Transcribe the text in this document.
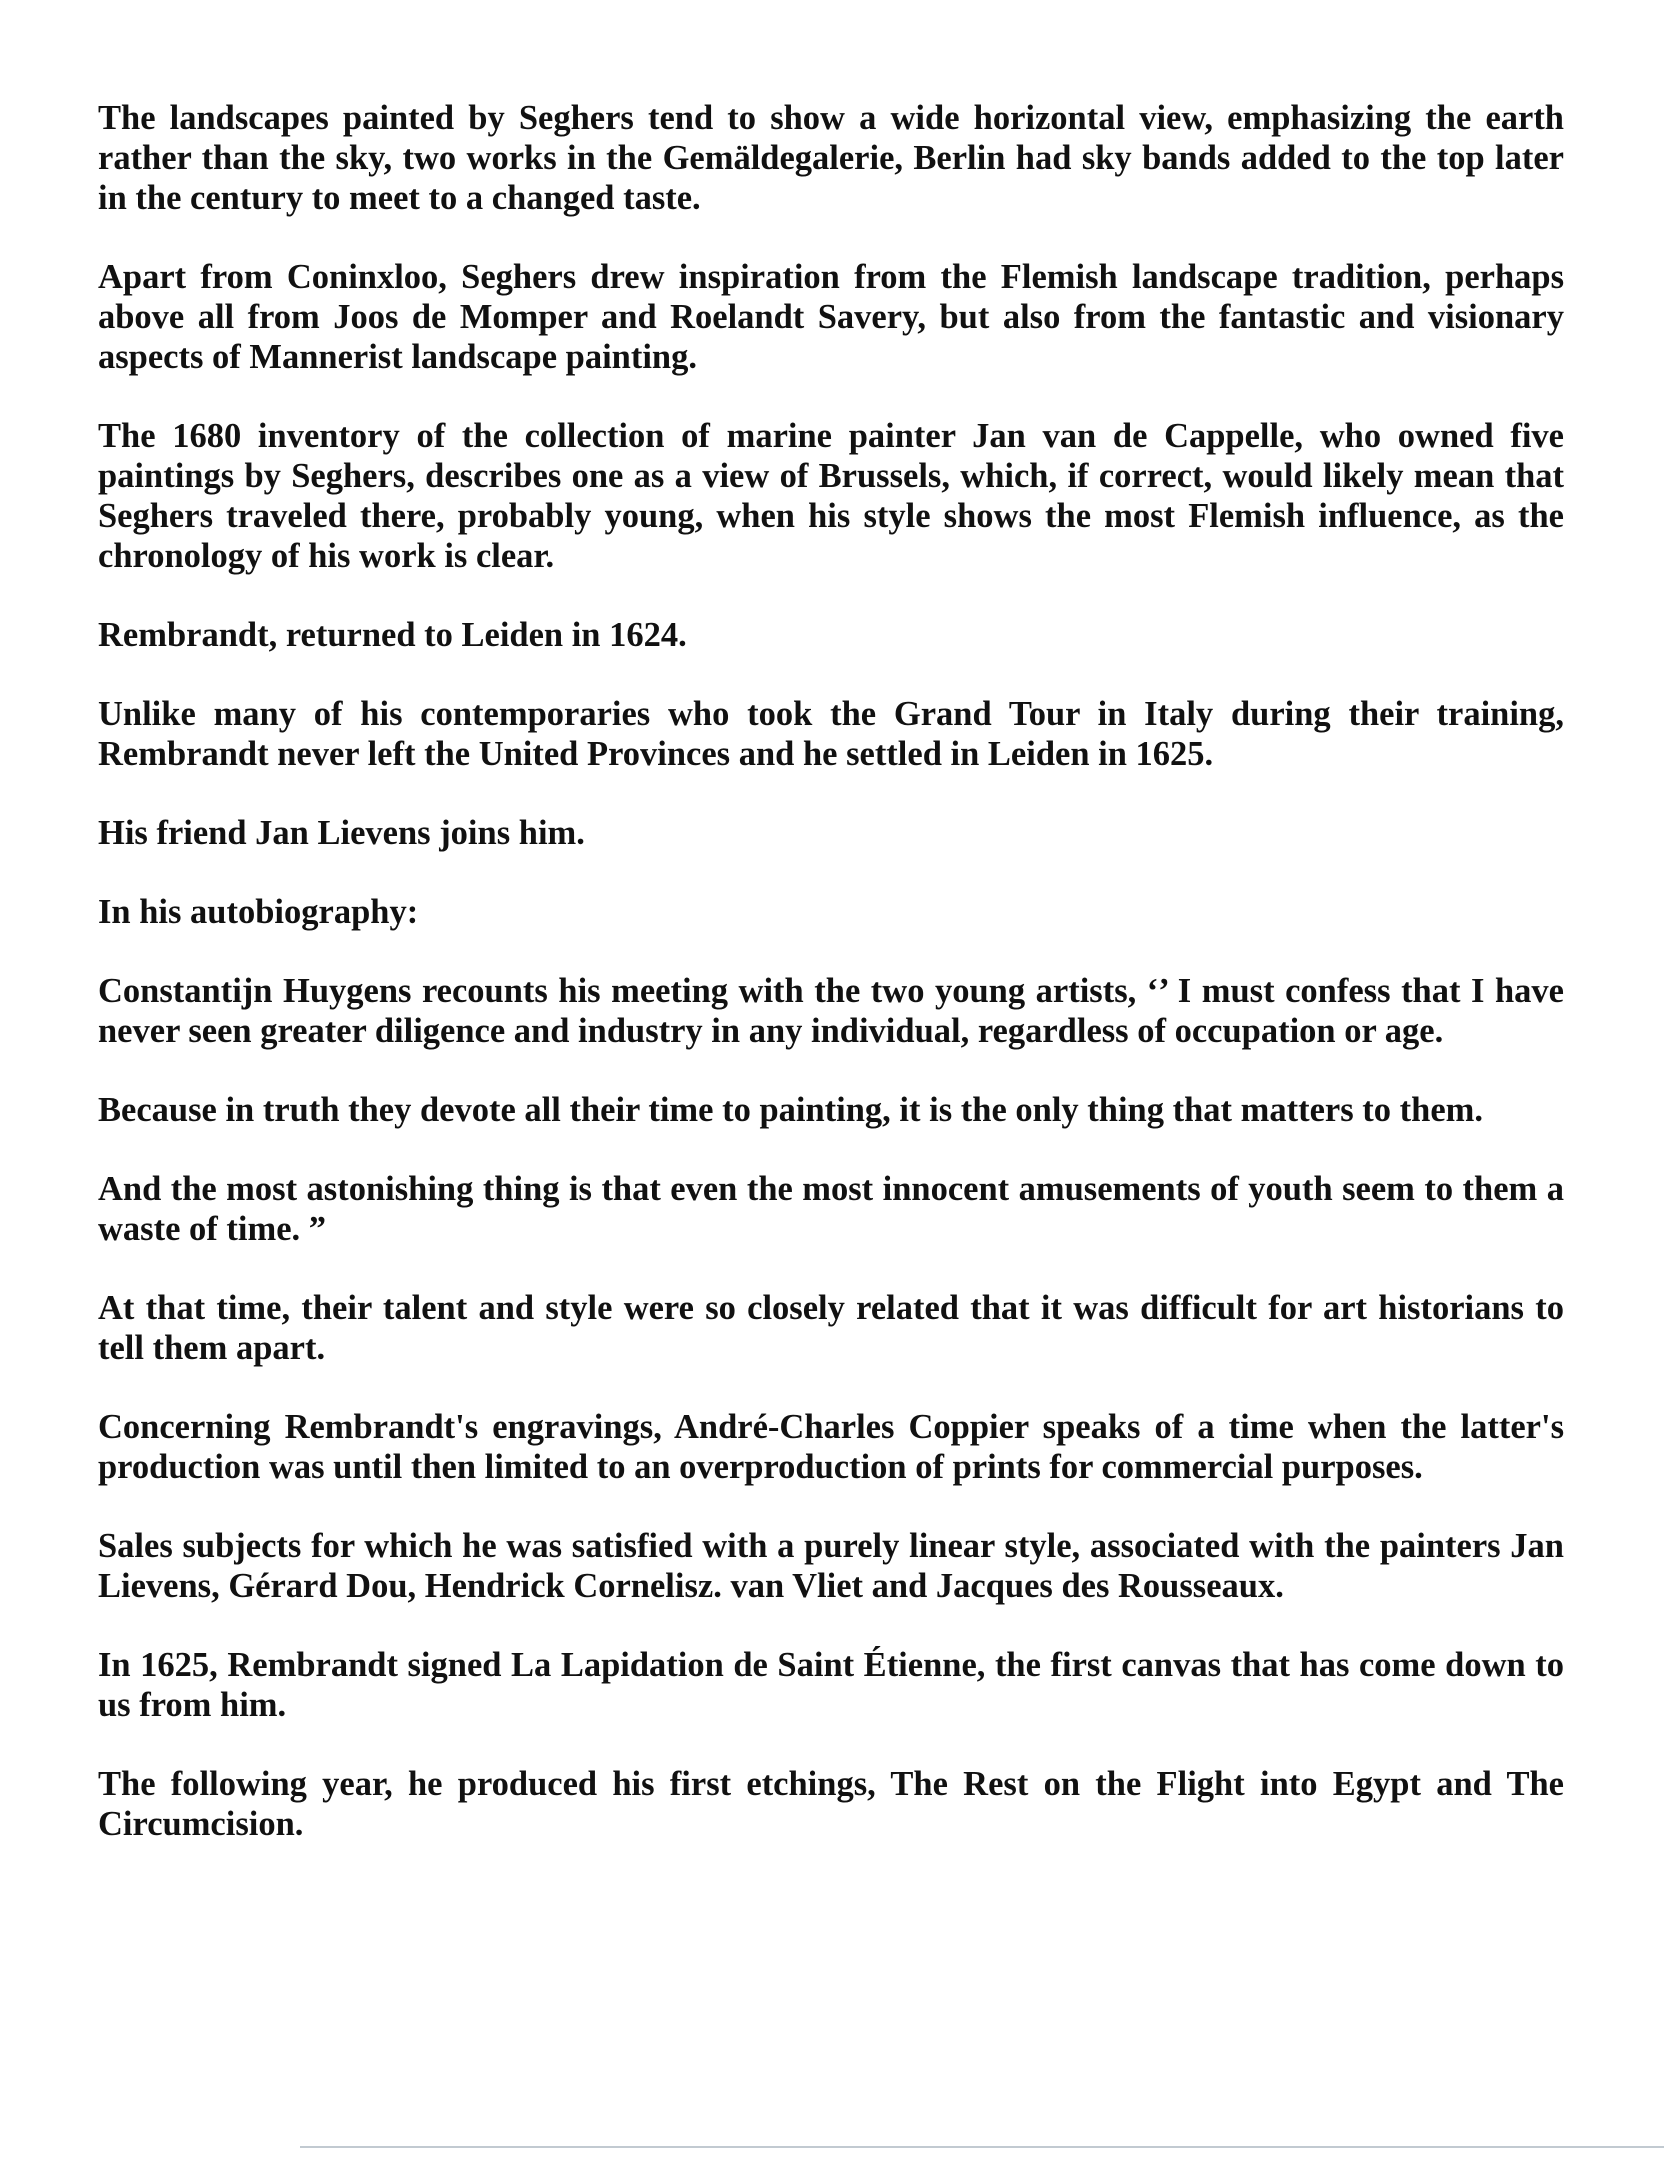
The landscapes painted by Seghers tend to show a wide horizontal view, emphasizing the earth rather than the sky, two works in the Gemäldegalerie, Berlin had sky bands added to the top later in the century to meet to a changed taste.

Apart from Coninxloo, Seghers drew inspiration from the Flemish landscape tradition, perhaps above all from Joos de Momper and Roelandt Savery, but also from the fantastic and visionary aspects of Mannerist landscape painting.

The 1680 inventory of the collection of marine painter Jan van de Cappelle, who owned five paintings by Seghers, describes one as a view of Brussels, which, if correct, would likely mean that Seghers traveled there, probably young, when his style shows the most Flemish influence, as the chronology of his work is clear.

Rembrandt, returned to Leiden in 1624.

Unlike many of his contemporaries who took the Grand Tour in Italy during their training, Rembrandt never left the United Provinces and he settled in Leiden in 1625.

His friend Jan Lievens joins him.

In his autobiography:

Constantijn Huygens recounts his meeting with the two young artists, ‘’ I must confess that I have never seen greater diligence and industry in any individual, regardless of occupation or age.

Because in truth they devote all their time to painting, it is the only thing that matters to them.

And the most astonishing thing is that even the most innocent amusements of youth seem to them a waste of time. ”

At that time, their talent and style were so closely related that it was difficult for art historians to tell them apart.

Concerning Rembrandt's engravings, André-Charles Coppier speaks of a time when the latter's production was until then limited to an overproduction of prints for commercial purposes.

Sales subjects for which he was satisfied with a purely linear style, associated with the painters Jan Lievens, Gérard Dou, Hendrick Cornelisz. van Vliet and Jacques des Rousseaux.

In 1625, Rembrandt signed La Lapidation de Saint Étienne, the first canvas that has come down to us from him.

The following year, he produced his first etchings, The Rest on the Flight into Egypt and The Circumcision.
